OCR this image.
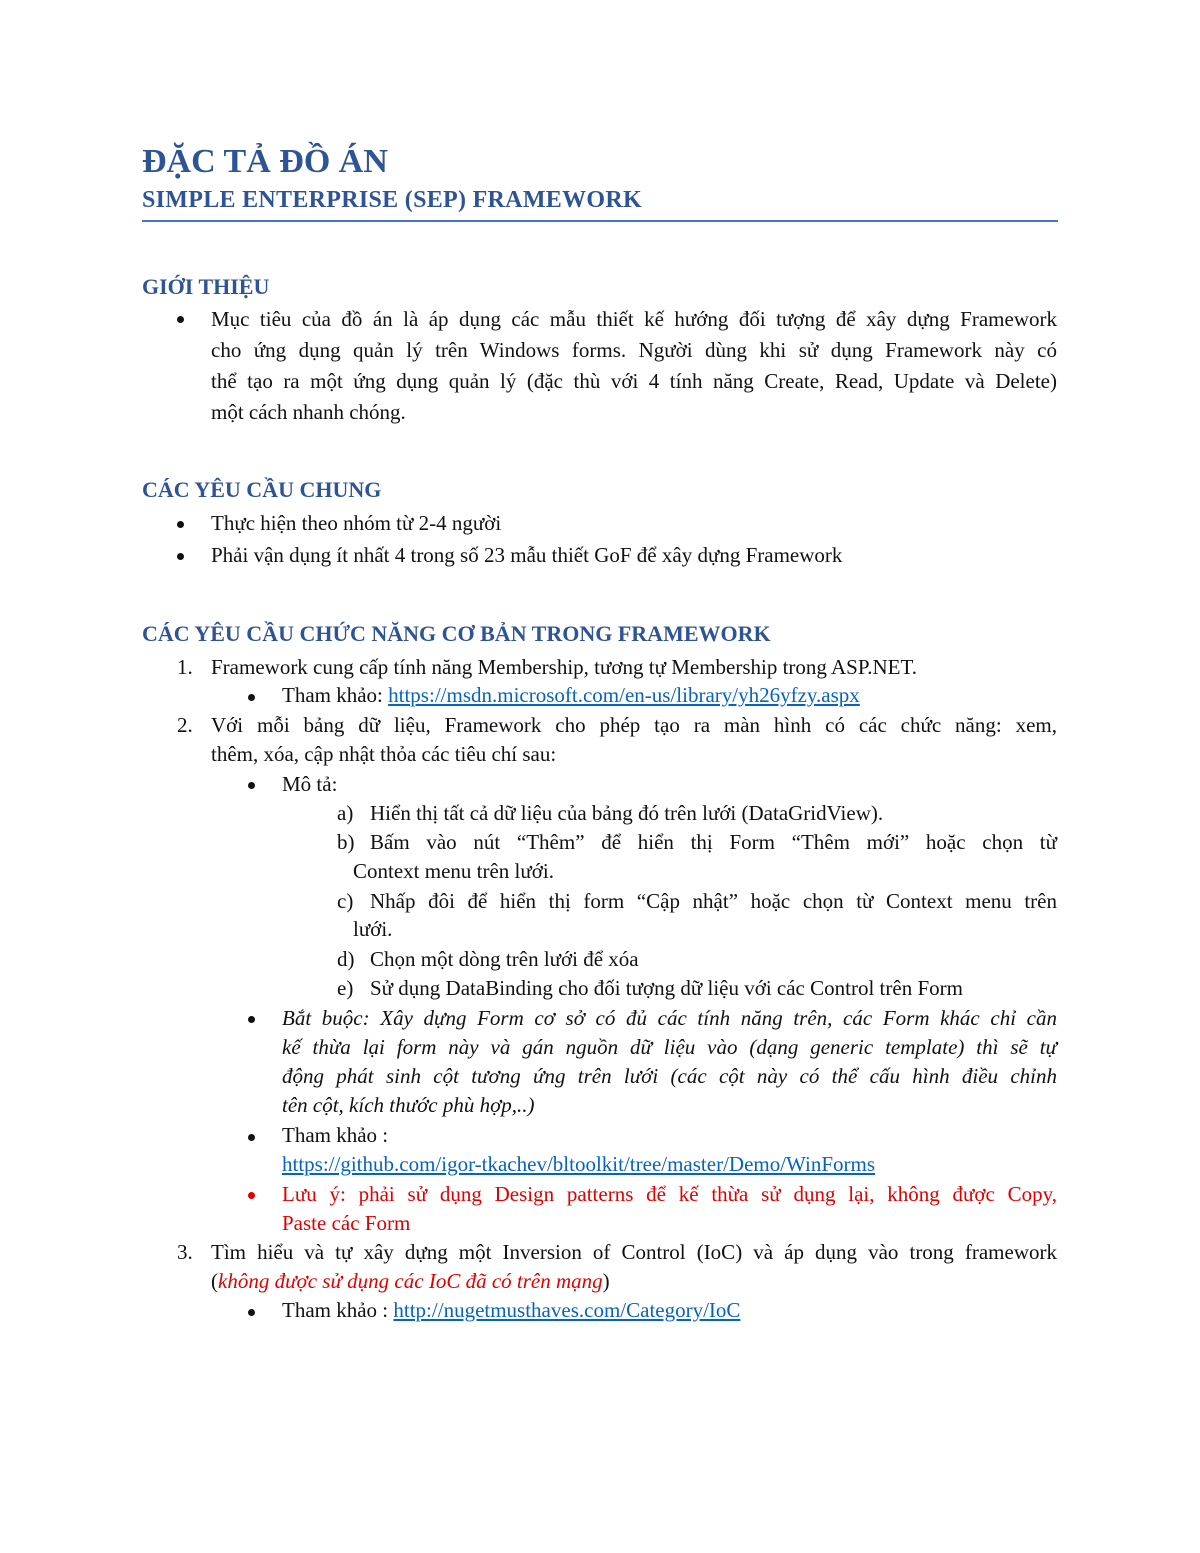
ĐẶC TẢ ĐỒ ÁN
SIMPLE ENTERPRISE (SEP) FRAMEWORK
GIỚI THIỆU
Mục tiêu của đồ án là áp dụng các mẫu thiết kế hướng đối tượng để xây dựng Framework
cho ứng dụng quản lý trên Windows forms. Người dùng khi sử dụng Framework này có
thể tạo ra một ứng dụng quản lý (đặc thù với 4 tính năng Create, Read, Update và Delete)
một cách nhanh chóng.
CÁC YÊU CẦU CHUNG
Thực hiện theo nhóm từ 2-4 người
Phải vận dụng ít nhất 4 trong số 23 mẫu thiết GoF để xây dựng Framework
CÁC YÊU CẦU CHỨC NĂNG CƠ BẢN TRONG FRAMEWORK
1. Framework cung cấp tính năng Membership, tương tự Membership trong ASP.NET.
Tham khảo: https://msdn.microsoft.com/en-us/library/yh26yfzy.aspx
2. Với mỗi bảng dữ liệu, Framework cho phép tạo ra màn hình có các chức năng: xem,
thêm, xóa, cập nhật thỏa các tiêu chí sau:
Mô tả:
a) Hiển thị tất cả dữ liệu của bảng đó trên lưới (DataGridView).
b) Bấm vào nút “Thêm” để hiển thị Form “Thêm mới” hoặc chọn từ
Context menu trên lưới.
c) Nhấp đôi để hiển thị form “Cập nhật” hoặc chọn từ Context menu trên
lưới.
d) Chọn một dòng trên lưới để xóa
e) Sử dụng DataBinding cho đối tượng dữ liệu với các Control trên Form
Bắt buộc: Xây dựng Form cơ sở có đủ các tính năng trên, các Form khác chỉ cần
kế thừa lại form này và gán nguồn dữ liệu vào (dạng generic template) thì sẽ tự
động phát sinh cột tương ứng trên lưới (các cột này có thể cấu hình điều chỉnh
tên cột, kích thước phù hợp,..)
Tham khảo :
https://github.com/igor-tkachev/bltoolkit/tree/master/Demo/WinForms
Lưu ý: phải sử dụng Design patterns để kế thừa sử dụng lại, không được Copy,
Paste các Form
3. Tìm hiểu và tự xây dựng một Inversion of Control (IoC) và áp dụng vào trong framework
(không được sử dụng các IoC đã có trên mạng)
Tham khảo : http://nugetmusthaves.com/Category/IoC
